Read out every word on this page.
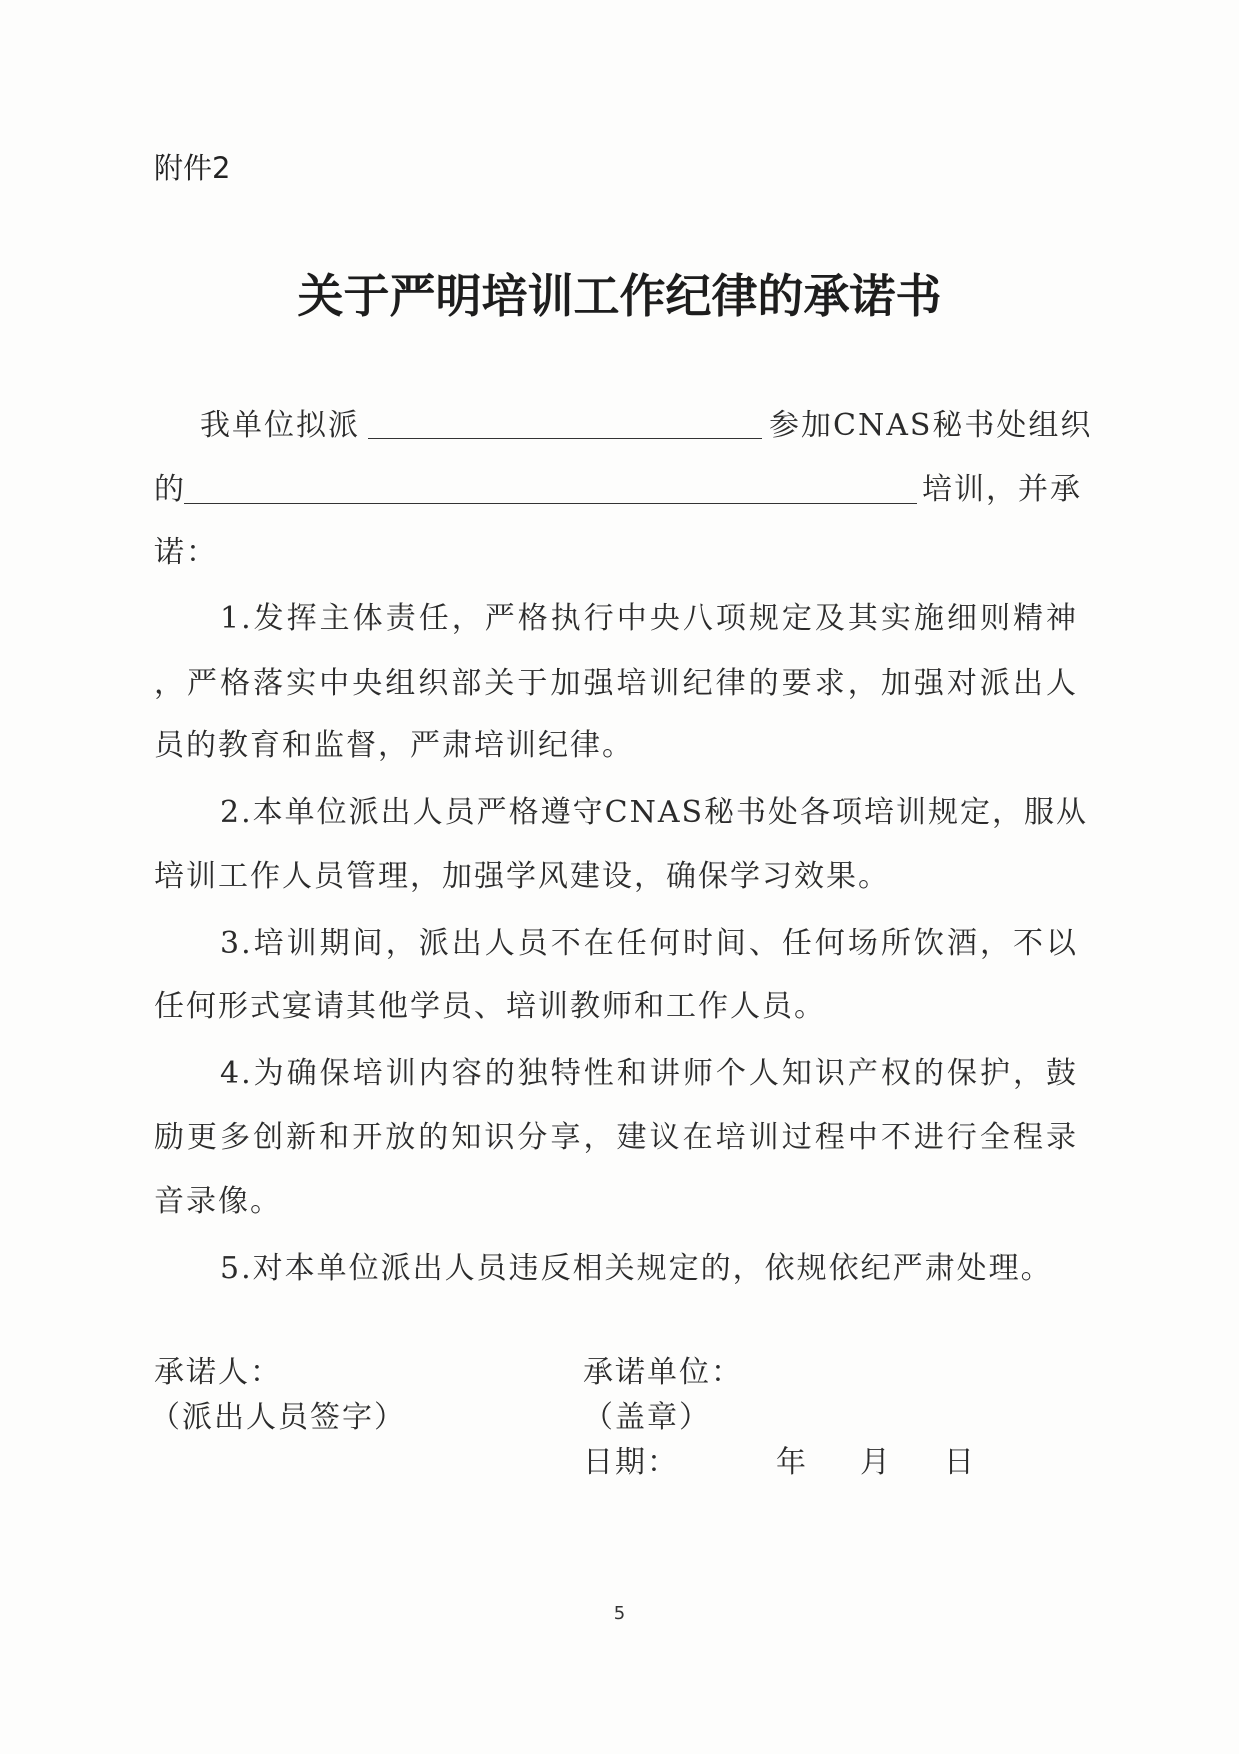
附件2
关于严明培训工作纪律的承诺书
我单位拟派	参加CNAS秘书处组织
的	培训，并承
诺：
1.发挥主体责任，严格执行中央八项规定及其实施细则精神
，严格落实中央组织部关于加强培训纪律的要求，加强对派出人
员的教育和监督，严肃培训纪律。
2.本单位派出人员严格遵守CNAS秘书处各项培训规定，服从
培训工作人员管理，加强学风建设，确保学习效果。
3.培训期间，派出人员不在任何时间、任何场所饮酒，不以
任何形式宴请其他学员、培训教师和工作人员。
4.为确保培训内容的独特性和讲师个人知识产权的保护，鼓
励更多创新和开放的知识分享，建议在培训过程中不进行全程录
音录像。
5.对本单位派出人员违反相关规定的，依规依纪严肃处理。
承诺人：
（派出人员签字）
承诺单位：
（盖章）
日期：	年 月 日
5
